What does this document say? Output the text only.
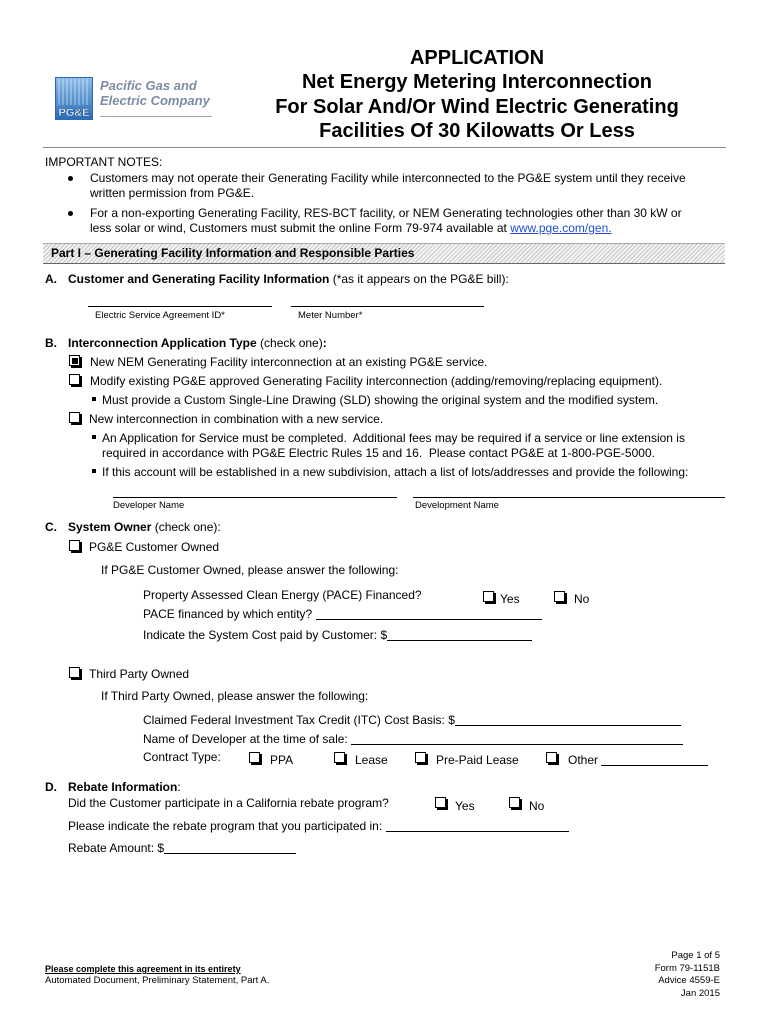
PG&E
Pacific Gas and
Electric Company
APPLICATION
Net Energy Metering Interconnection
For Solar And/Or Wind Electric Generating
Facilities Of 30 Kilowatts Or Less
IMPORTANT NOTES:
Customers may not operate their Generating Facility while interconnected to the PG&E system until they receive
written permission from PG&E.
For a non-exporting Generating Facility, RES-BCT facility, or NEM Generating technologies other than 30 kW or
less solar or wind, Customers must submit the online Form 79-974 available at www.pge.com/gen.
Part I – Generating Facility Information and Responsible Parties
A. Customer and Generating Facility Information (*as it appears on the PG&E bill):
Electric Service Agreement ID*	Meter Number*
B. Interconnection Application Type (check one):
New NEM Generating Facility interconnection at an existing PG&E service.
Modify existing PG&E approved Generating Facility interconnection (adding/removing/replacing equipment).
Must provide a Custom Single-Line Drawing (SLD) showing the original system and the modified system.
New interconnection in combination with a new service.
An Application for Service must be completed.  Additional fees may be required if a service or line extension is
required in accordance with PG&E Electric Rules 15 and 16.  Please contact PG&E at 1-800-PGE-5000.
If this account will be established in a new subdivision, attach a list of lots/addresses and provide the following:
Developer Name	Development Name
C. System Owner (check one):
PG&E Customer Owned
If PG&E Customer Owned, please answer the following:
Property Assessed Clean Energy (PACE) Financed?	Yes	No
PACE financed by which entity?
Indicate the System Cost paid by Customer: $
Third Party Owned
If Third Party Owned, please answer the following:
Claimed Federal Investment Tax Credit (ITC) Cost Basis: $
Name of Developer at the time of sale:
Contract Type:	PPA	Lease	Pre-Paid Lease	Other
D. Rebate Information:
Did the Customer participate in a California rebate program?	Yes	No
Please indicate the rebate program that you participated in:
Rebate Amount: $
Please complete this agreement in its entirety
Automated Document, Preliminary Statement, Part A.
Page 1 of 5
Form 79-1151B
Advice 4559-E
Jan 2015
